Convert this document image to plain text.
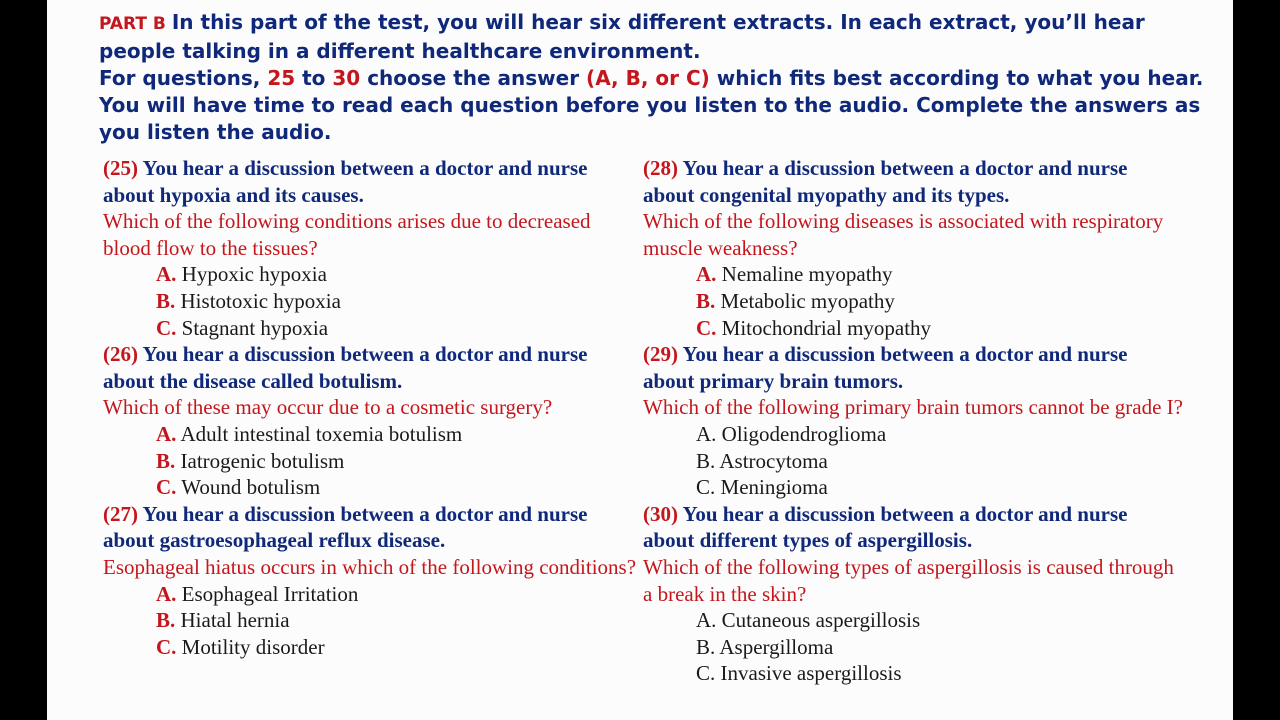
PART B In this part of the test, you will hear six different extracts. In each extract, you’ll hear people talking in a different healthcare environment.
For questions, 25 to 30 choose the answer (A, B, or C) which fits best according to what you hear.
You will have time to read each question before you listen to the audio. Complete the answers as you listen the audio.
(25) You hear a discussion between a doctor and nurse about hypoxia and its causes.
Which of the following conditions arises due to decreased blood flow to the tissues?
A. Hypoxic hypoxia
B. Histotoxic hypoxia
C. Stagnant hypoxia
(26) You hear a discussion between a doctor and nurse about the disease called botulism.
Which of these may occur due to a cosmetic surgery?
A. Adult intestinal toxemia botulism
B. Iatrogenic botulism
C. Wound botulism
(27) You hear a discussion between a doctor and nurse about gastroesophageal reflux disease.
Esophageal hiatus occurs in which of the following conditions?
A. Esophageal Irritation
B. Hiatal hernia
C. Motility disorder
(28) You hear a discussion between a doctor and nurse about congenital myopathy and its types.
Which of the following diseases is associated with respiratory muscle weakness?
A. Nemaline myopathy
B. Metabolic myopathy
C. Mitochondrial myopathy
(29) You hear a discussion between a doctor and nurse about primary brain tumors.
Which of the following primary brain tumors cannot be grade I?
A. Oligodendroglioma
B. Astrocytoma
C. Meningioma
(30) You hear a discussion between a doctor and nurse about different types of aspergillosis.
Which of the following types of aspergillosis is caused through a break in the skin?
A. Cutaneous aspergillosis
B. Aspergilloma
C. Invasive aspergillosis
